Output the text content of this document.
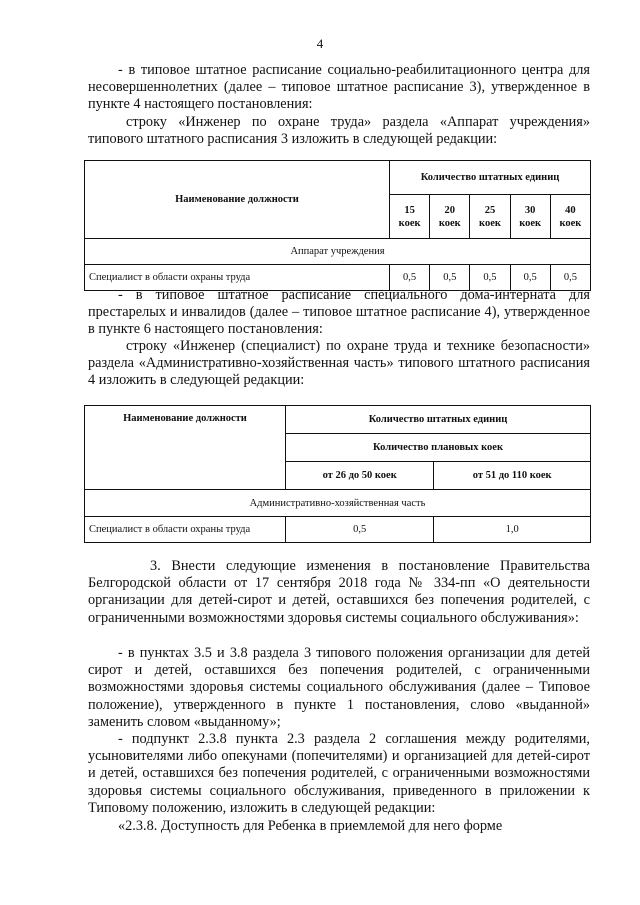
4

- в типовое штатное расписание социально-реабилитационного центра для несовершеннолетних (далее – типовое штатное расписание 3), утвержденное в пункте 4 настоящего постановления:

строку «Инженер по охране труда» раздела «Аппарат учреждения» типового штатного расписания 3 изложить в следующей редакции:

Наименование должности	Количество штатных единиц				
	15 коек	20 коек	25 коек	30 коек	40 коек
Аппарат учреждения					
Специалист в области охраны труда	0,5	0,5	0,5	0,5	0,5

- в типовое штатное расписание специального дома-интерната для престарелых и инвалидов (далее – типовое штатное расписание 4), утвержденное в пункте 6 настоящего постановления:

строку «Инженер (специалист) по охране труда и технике безопасности» раздела «Административно-хозяйственная часть» типового штатного расписания 4 изложить в следующей редакции:

Наименование должности	Количество штатных единиц	
	Количество плановых коек	
	от 26 до 50 коек	от 51 до 110 коек
Административно-хозяйственная часть		
Специалист в области охраны труда	0,5	1,0

3. Внести следующие изменения в постановление Правительства Белгородской области от 17 сентября 2018 года № 334-пп «О деятельности организации для детей-сирот и детей, оставшихся без попечения родителей, с ограниченными возможностями здоровья системы социального обслуживания»:

- в пунктах 3.5 и 3.8 раздела 3 типового положения организации для детей сирот и детей, оставшихся без попечения родителей, с ограниченными возможностями здоровья системы социального обслуживания (далее – Типовое положение), утвержденного в пункте 1 постановления, слово «выданной» заменить словом «выданному»;

- подпункт 2.3.8 пункта 2.3 раздела 2 соглашения между родителями, усыновителями либо опекунами (попечителями) и организацией для детей-сирот и детей, оставшихся без попечения родителей, с ограниченными возможностями здоровья системы социального обслуживания, приведенного в приложении к Типовому положению, изложить в следующей редакции:

«2.3.8. Доступность для Ребенка в приемлемой для него форме
